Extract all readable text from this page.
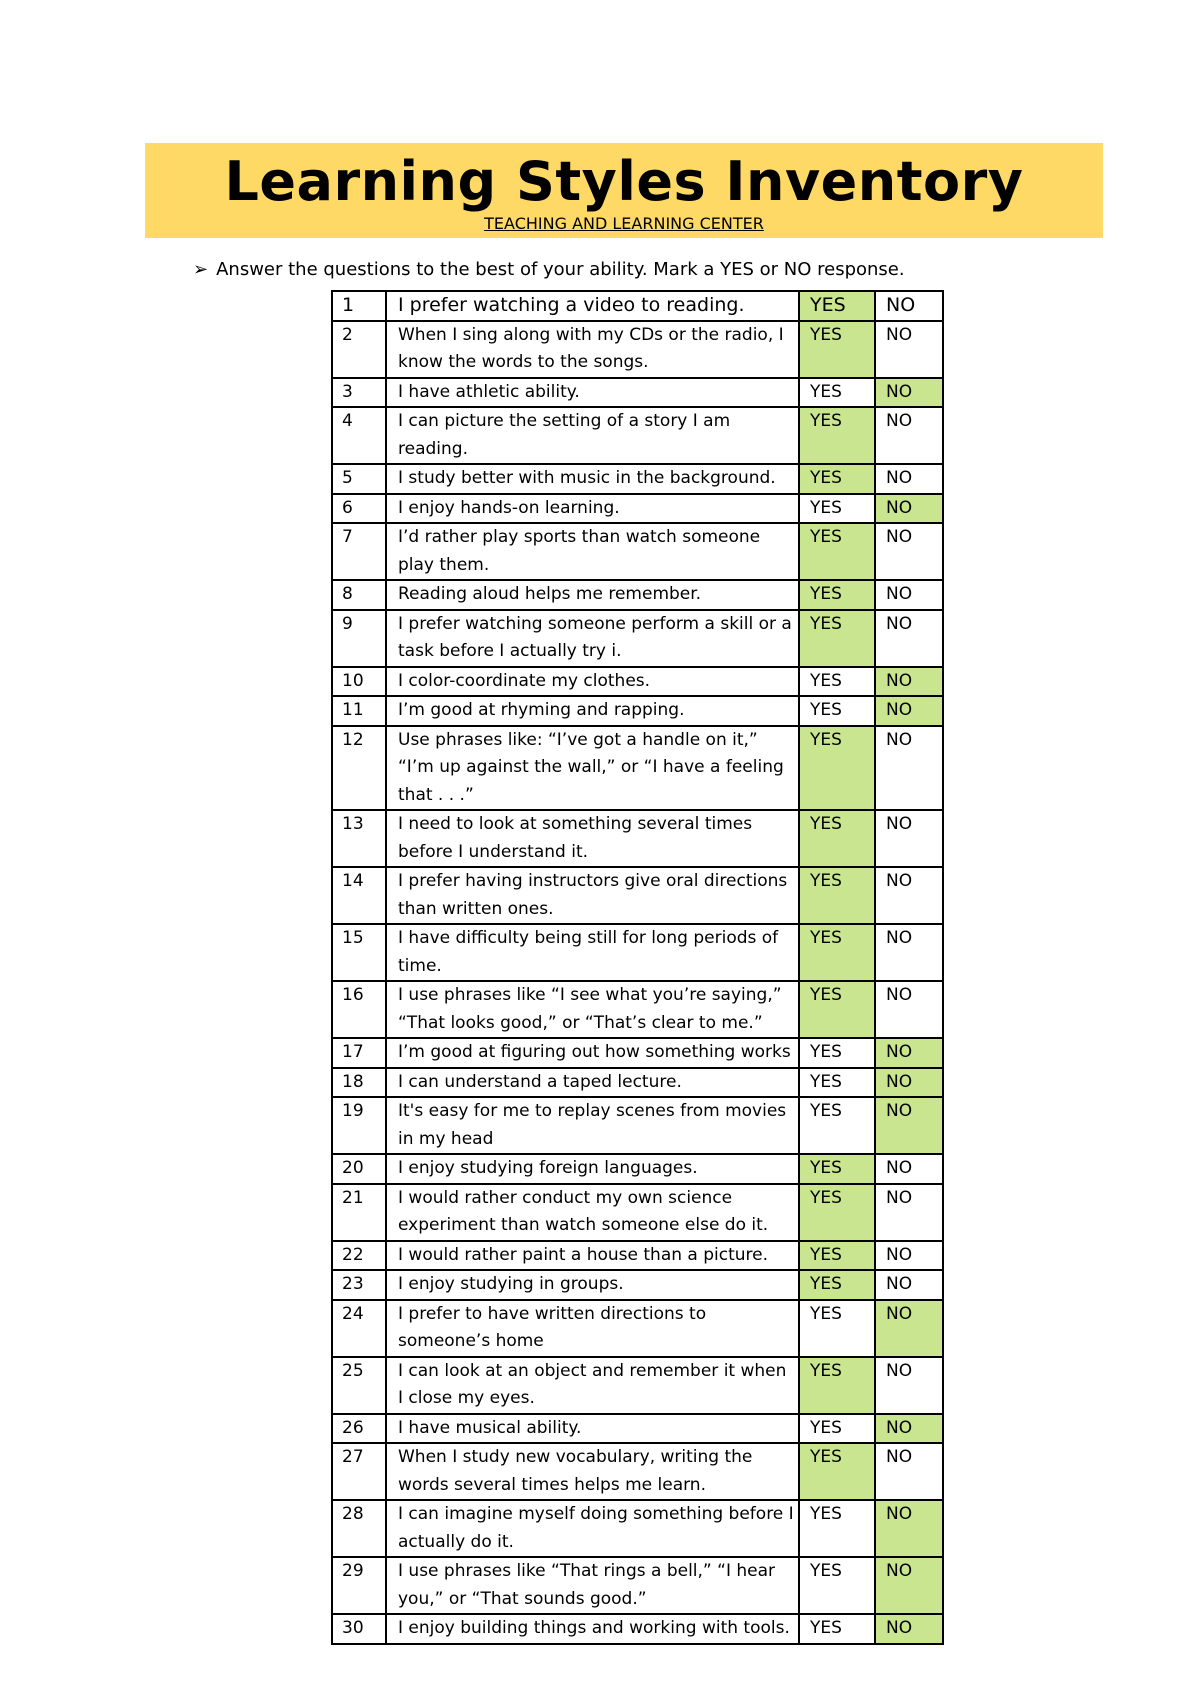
Learning Styles Inventory
TEACHING AND LEARNING CENTER
➢ Answer the questions to the best of your ability. Mark a YES or NO response.
1	I prefer watching a video to reading.	YES	NO
2	When I sing along with my CDs or the radio, I know the words to the songs.	YES	NO
3	I have athletic ability.	YES	NO
4	I can picture the setting of a story I am reading.	YES	NO
5	I study better with music in the background.	YES	NO
6	I enjoy hands-on learning.	YES	NO
7	I’d rather play sports than watch someone play them.	YES	NO
8	Reading aloud helps me remember.	YES	NO
9	I prefer watching someone perform a skill or a task before I actually try i.	YES	NO
10	I color-coordinate my clothes.	YES	NO
11	I’m good at rhyming and rapping.	YES	NO
12	Use phrases like: “I’ve got a handle on it,” “I’m up against the wall,” or “I have a feeling that . . .”	YES	NO
13	I need to look at something several times before I understand it.	YES	NO
14	I prefer having instructors give oral directions than written ones.	YES	NO
15	I have difficulty being still for long periods of time.	YES	NO
16	I use phrases like “I see what you’re saying,” “That looks good,” or “That’s clear to me.”	YES	NO
17	I’m good at figuring out how something works	YES	NO
18	I can understand a taped lecture.	YES	NO
19	It's easy for me to replay scenes from movies in my head	YES	NO
20	I enjoy studying foreign languages.	YES	NO
21	I would rather conduct my own science experiment than watch someone else do it.	YES	NO
22	I would rather paint a house than a picture.	YES	NO
23	I enjoy studying in groups.	YES	NO
24	I prefer to have written directions to someone’s home	YES	NO
25	I can look at an object and remember it when I close my eyes.	YES	NO
26	I have musical ability.	YES	NO
27	When I study new vocabulary, writing the words several times helps me learn.	YES	NO
28	I can imagine myself doing something before I actually do it.	YES	NO
29	I use phrases like “That rings a bell,” “I hear you,” or “That sounds good.”	YES	NO
30	I enjoy building things and working with tools.	YES	NO
